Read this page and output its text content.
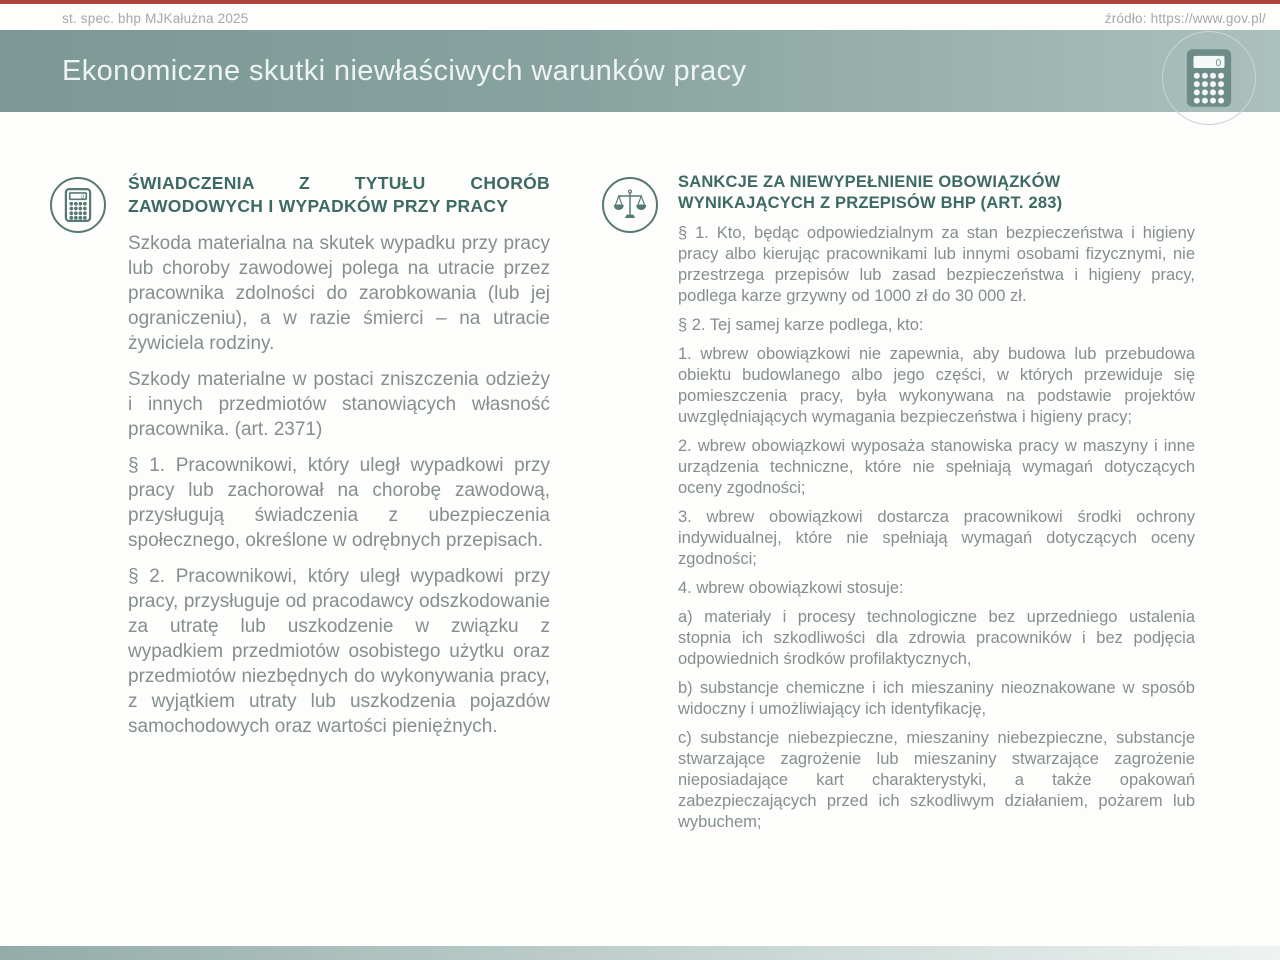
st. spec. bhp MJKałużna 2025	źródło: https://www.gov.pl/
Ekonomiczne skutki niewłaściwych warunków pracy	0
0
ŚWIADCZENIA Z TYTUŁU CHORÓB ZAWODOWYCH I WYPADKÓW PRZY PRACY

Szkoda materialna na skutek wypadku przy pracy lub choroby zawodowej polega na utracie przez pracownika zdolności do zarobkowania (lub jej ograniczeniu), a w razie śmierci – na utracie żywiciela rodziny.

Szkody materialne w postaci zniszczenia odzieży i innych przedmiotów stanowiących własność pracownika. (art. 2371)

§ 1. Pracownikowi, który uległ wypadkowi przy pracy lub zachorował na chorobę zawodową, przysługują świadczenia z ubezpieczenia społecznego, określone w odrębnych przepisach.

§ 2. Pracownikowi, który uległ wypadkowi przy pracy, przysługuje od pracodawcy odszkodowanie za utratę lub uszkodzenie w związku z wypadkiem przedmiotów osobistego użytku oraz przedmiotów niezbędnych do wykonywania pracy, z wyjątkiem utraty lub uszkodzenia pojazdów samochodowych oraz wartości pieniężnych.

SANKCJE ZA NIEWYPEŁNIENIE OBOWIĄZKÓW WYNIKAJĄCYCH Z PRZEPISÓW BHP (ART. 283)

§ 1. Kto, będąc odpowiedzialnym za stan bezpieczeństwa i higieny pracy albo kierując pracownikami lub innymi osobami fizycznymi, nie przestrzega przepisów lub zasad bezpieczeństwa i higieny pracy, podlega karze grzywny od 1000 zł do 30 000 zł.

§ 2. Tej samej karze podlega, kto:

1. wbrew obowiązkowi nie zapewnia, aby budowa lub przebudowa obiektu budowlanego albo jego części, w których przewiduje się pomieszczenia pracy, była wykonywana na podstawie projektów uwzględniających wymagania bezpieczeństwa i higieny pracy;

2. wbrew obowiązkowi wyposaża stanowiska pracy w maszyny i inne urządzenia techniczne, które nie spełniają wymagań dotyczących oceny zgodności;

3. wbrew obowiązkowi dostarcza pracownikowi środki ochrony indywidualnej, które nie spełniają wymagań dotyczących oceny zgodności;

4. wbrew obowiązkowi stosuje:

a) materiały i procesy technologiczne bez uprzedniego ustalenia stopnia ich szkodliwości dla zdrowia pracowników i bez podjęcia odpowiednich środków profilaktycznych,

b) substancje chemiczne i ich mieszaniny nieoznakowane w sposób widoczny i umożliwiający ich identyfikację,

c) substancje niebezpieczne, mieszaniny niebezpieczne, substancje stwarzające zagrożenie lub mieszaniny stwarzające zagrożenie nieposiadające kart charakterystyki, a także opakowań zabezpieczających przed ich szkodliwym działaniem, pożarem lub wybuchem;
